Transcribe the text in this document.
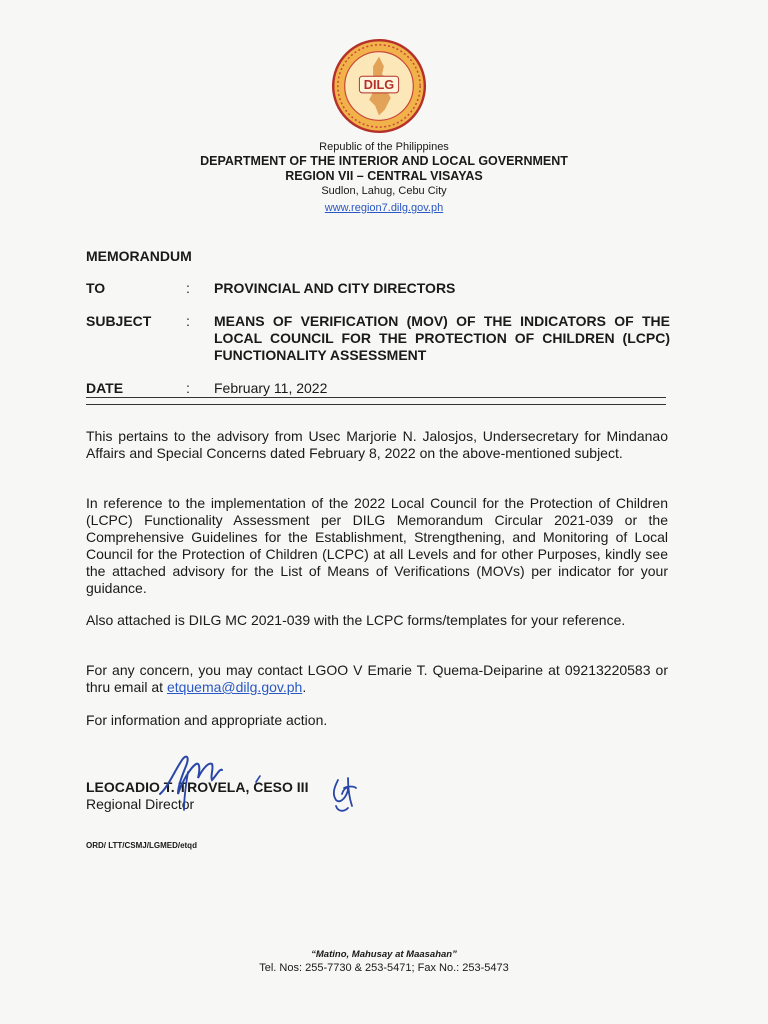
DILG
Republic of the Philippines
DEPARTMENT OF THE INTERIOR AND LOCAL GOVERNMENT
REGION VII – CENTRAL VISAYAS
Sudlon, Lahug, Cebu City
www.region7.dilg.gov.ph
MEMORANDUM
TO	: PROVINCIAL AND CITY DIRECTORS
SUBJECT : MEANS OF VERIFICATION (MOV) OF THE INDICATORS OF THE LOCAL COUNCIL FOR THE PROTECTION OF CHILDREN (LCPC) FUNCTIONALITY ASSESSMENT
DATE	: February 11, 2022
This pertains to the advisory from Usec Marjorie N. Jalosjos, Undersecretary for Mindanao Affairs and Special Concerns dated February 8, 2022 on the above-mentioned subject.
In reference to the implementation of the 2022 Local Council for the Protection of Children (LCPC) Functionality Assessment per DILG Memorandum Circular 2021-039 or the Comprehensive Guidelines for the Establishment, Strengthening, and Monitoring of Local Council for the Protection of Children (LCPC) at all Levels and for other Purposes, kindly see the attached advisory for the List of Means of Verifications (MOVs) per indicator for your guidance.
Also attached is DILG MC 2021-039 with the LCPC forms/templates for your reference.
For any concern, you may contact LGOO V Emarie T. Quema-Deiparine at 09213220583 or thru email at etquema@dilg.gov.ph.
For information and appropriate action.
LEOCADIO T. TROVELA, CESO III
Regional Director
ORD/ LTT/CSMJ/LGMED/etqd
“Matino, Mahusay at Maasahan”
Tel. Nos: 255-7730 & 253-5471; Fax No.: 253-5473
